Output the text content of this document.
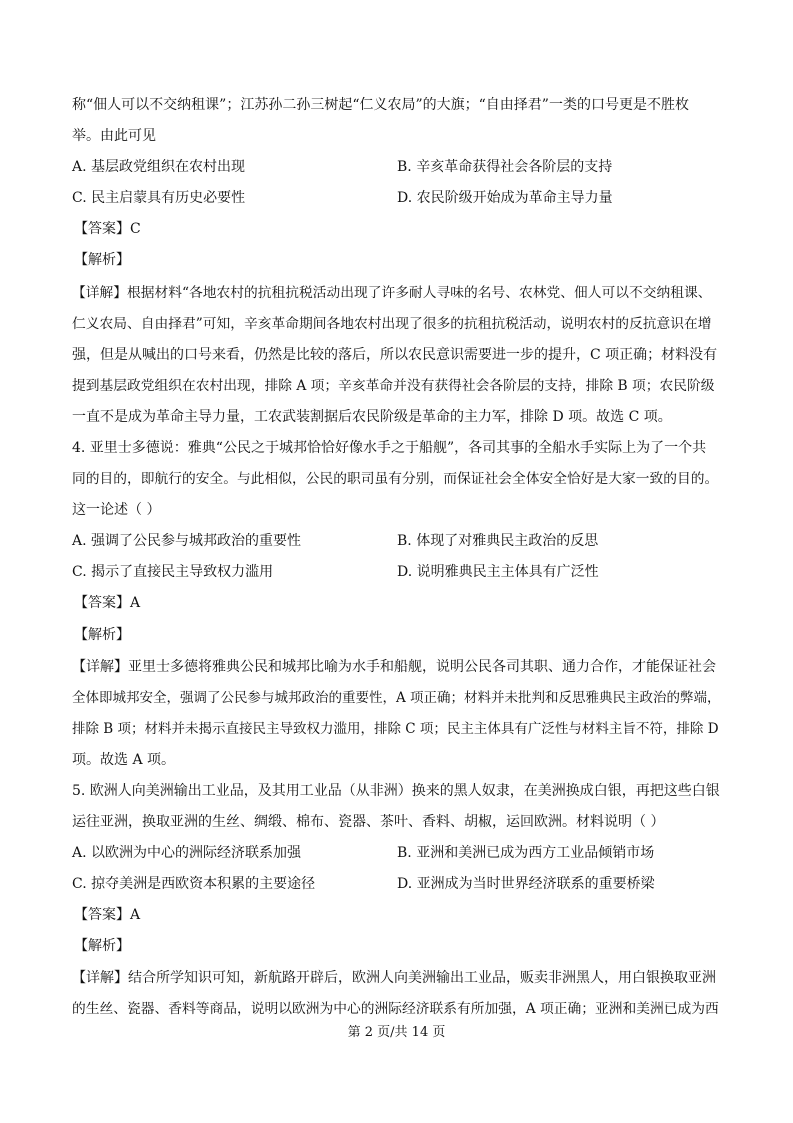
称“佃人可以不交纳租课”；江苏孙二孙三树起“仁义农局”的大旗；“自由择君”一类的口号更是不胜枚
举。由此可见
A. 基层政党组织在农村出现	B. 辛亥革命获得社会各阶层的支持
C. 民主启蒙具有历史必要性	D. 农民阶级开始成为革命主导力量
【答案】C
【解析】
【详解】根据材料“各地农村的抗租抗税活动出现了许多耐人寻味的名号、农林党、佃人可以不交纳租课、
仁义农局、自由择君”可知，辛亥革命期间各地农村出现了很多的抗租抗税活动，说明农村的反抗意识在增
强，但是从喊出的口号来看，仍然是比较的落后，所以农民意识需要进一步的提升，C 项正确；材料没有
提到基层政党组织在农村出现，排除 A 项；辛亥革命并没有获得社会各阶层的支持，排除 B 项；农民阶级
一直不是成为革命主导力量，工农武装割据后农民阶级是革命的主力军，排除 D 项。故选 C 项。
4. 亚里士多德说：雅典“公民之于城邦恰恰好像水手之于船舰”，各司其事的全船水手实际上为了一个共
同的目的，即航行的安全。与此相似，公民的职司虽有分别，而保证社会全体安全恰好是大家一致的目的。
这一论述（ ）
A. 强调了公民参与城邦政治的重要性	B. 体现了对雅典民主政治的反思
C. 揭示了直接民主导致权力滥用	D. 说明雅典民主主体具有广泛性
【答案】A
【解析】
【详解】亚里士多德将雅典公民和城邦比喻为水手和船舰，说明公民各司其职、通力合作，才能保证社会
全体即城邦安全，强调了公民参与城邦政治的重要性，A 项正确；材料并未批判和反思雅典民主政治的弊端，
排除 B 项；材料并未揭示直接民主导致权力滥用，排除 C 项；民主主体具有广泛性与材料主旨不符，排除 D
项。故选 A 项。
5. 欧洲人向美洲输出工业品，及其用工业品（从非洲）换来的黑人奴隶，在美洲换成白银，再把这些白银
运往亚洲，换取亚洲的生丝、绸缎、棉布、瓷器、茶叶、香料、胡椒，运回欧洲。材料说明（ ）
A. 以欧洲为中心的洲际经济联系加强	B. 亚洲和美洲已成为西方工业品倾销市场
C. 掠夺美洲是西欧资本积累的主要途径	D. 亚洲成为当时世界经济联系的重要桥梁
【答案】A
【解析】
【详解】结合所学知识可知，新航路开辟后，欧洲人向美洲输出工业品，贩卖非洲黑人，用白银换取亚洲
的生丝、瓷器、香料等商品，说明以欧洲为中心的洲际经济联系有所加强，A 项正确；亚洲和美洲已成为西
第 2 页/共 14 页
